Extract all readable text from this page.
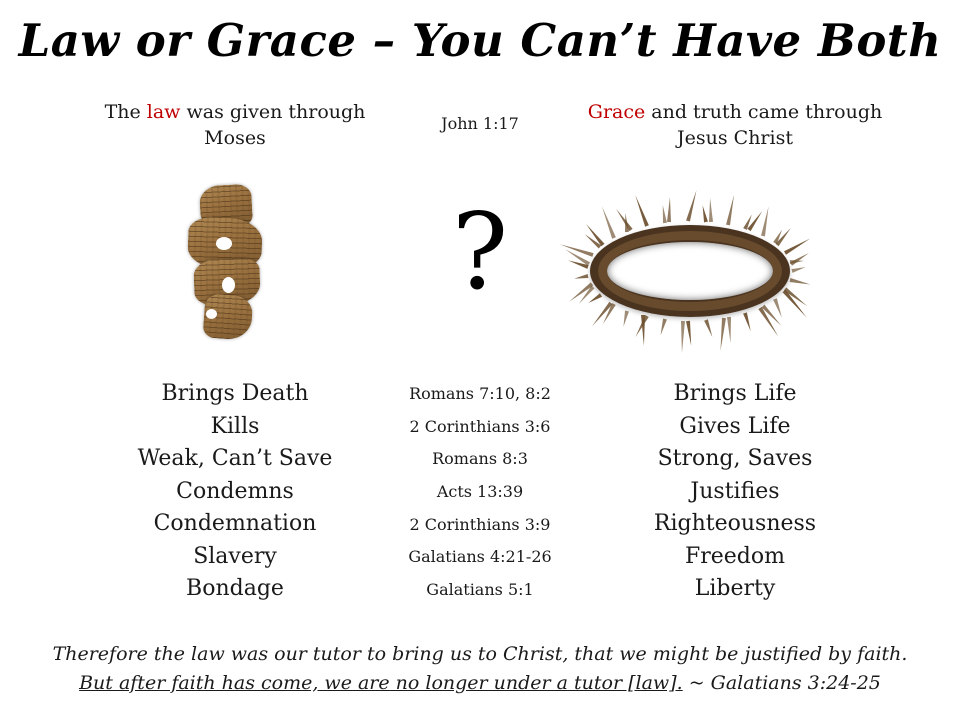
Law or Grace – You Can’t Have Both
The law was given through Moses
John 1:17
Grace and truth came through Jesus Christ
?
Brings Death
Kills
Weak, Can’t Save
Condemns
Condemnation
Slavery
Bondage
Romans 7:10, 8:2
2 Corinthians 3:6
Romans 8:3
Acts 13:39
2 Corinthians 3:9
Galatians 4:21-26
Galatians 5:1
Brings Life
Gives Life
Strong, Saves
Justifies
Righteousness
Freedom
Liberty
Therefore the law was our tutor to bring us to Christ, that we might be justified by faith.
But after faith has come, we are no longer under a tutor [law]. ~ Galatians 3:24-25
